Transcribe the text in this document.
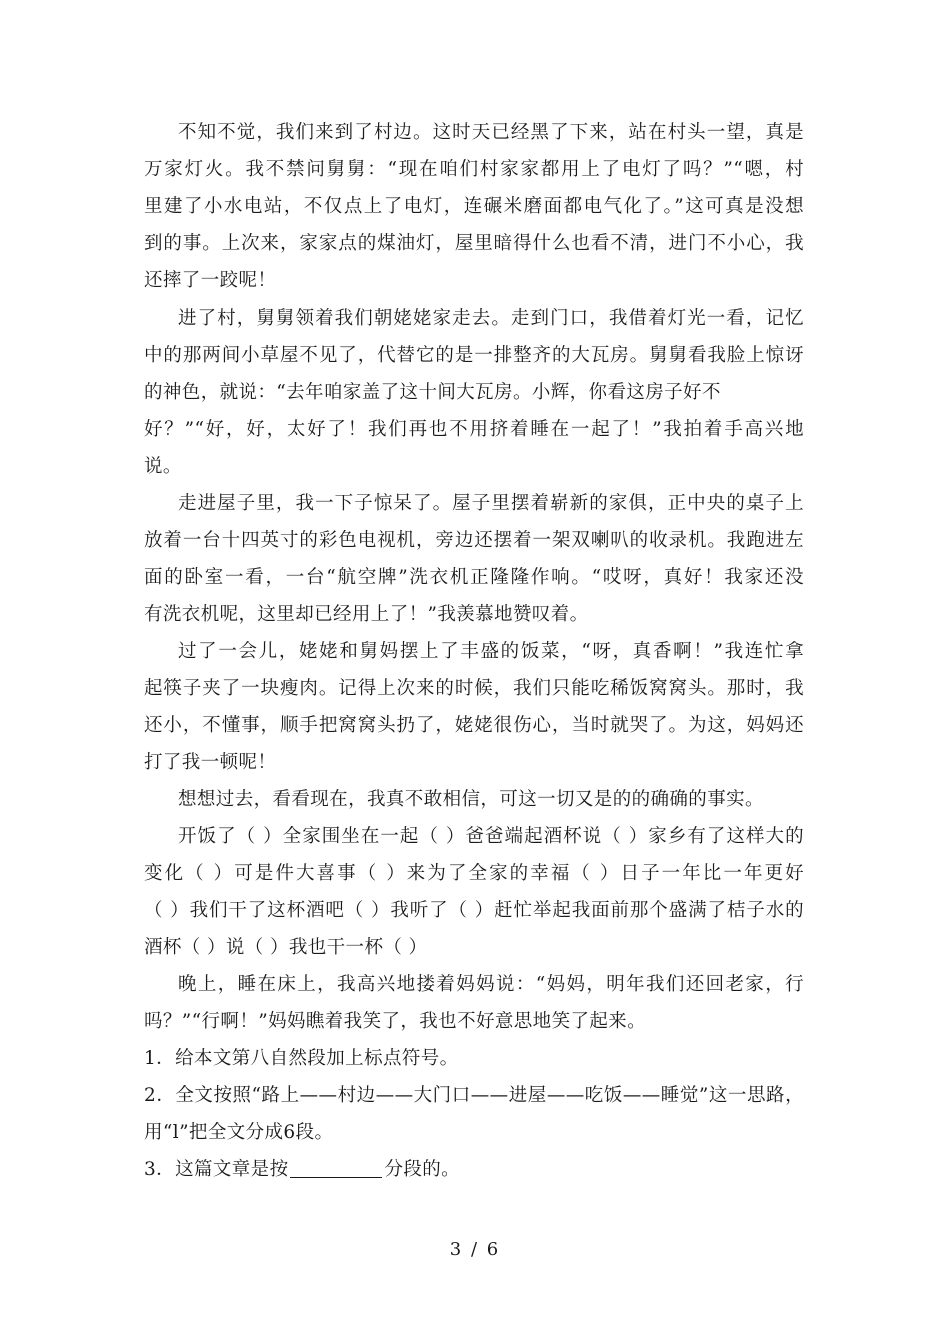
不知不觉，我们来到了村边。这时天已经黑了下来，站在村头一望，真是
万家灯火。我不禁问舅舅：“现在咱们村家家都用上了电灯了吗？”“嗯，村
里建了小水电站，不仅点上了电灯，连碾米磨面都电气化了。”这可真是没想
到的事。上次来，家家点的煤油灯，屋里暗得什么也看不清，进门不小心，我
还摔了一跤呢！
进了村，舅舅领着我们朝姥姥家走去。走到门口，我借着灯光一看，记忆
中的那两间小草屋不见了，代替它的是一排整齐的大瓦房。舅舅看我脸上惊讶
的神色，就说：“去年咱家盖了这十间大瓦房。小辉，你看这房子好不
好？”“好，好，太好了！我们再也不用挤着睡在一起了！”我拍着手高兴地
说。
走进屋子里，我一下子惊呆了。屋子里摆着崭新的家俱，正中央的桌子上
放着一台十四英寸的彩色电视机，旁边还摆着一架双喇叭的收录机。我跑进左
面的卧室一看，一台“航空牌”洗衣机正隆隆作响。“哎呀，真好！我家还没
有洗衣机呢，这里却已经用上了！”我羡慕地赞叹着。
过了一会儿，姥姥和舅妈摆上了丰盛的饭菜，“呀，真香啊！”我连忙拿
起筷子夹了一块瘦肉。记得上次来的时候，我们只能吃稀饭窝窝头。那时，我
还小，不懂事，顺手把窝窝头扔了，姥姥很伤心，当时就哭了。为这，妈妈还
打了我一顿呢！
想想过去，看看现在，我真不敢相信，可这一切又是的的确确的事实。
开饭了（ ）全家围坐在一起（ ）爸爸端起酒杯说（ ）家乡有了这样大的
变化（ ）可是件大喜事（ ）来为了全家的幸福（ ）日子一年比一年更好
（ ）我们干了这杯酒吧（ ）我听了（ ）赶忙举起我面前那个盛满了桔子水的
酒杯（ ）说（ ）我也干一杯（ ）
晚上，睡在床上，我高兴地搂着妈妈说：“妈妈，明年我们还回老家，行
吗？”“行啊！”妈妈瞧着我笑了，我也不好意思地笑了起来。
1．给本文第八自然段加上标点符号。
2．全文按照“路上——村边——大门口——进屋——吃饭——睡觉”这一思路，
用“l”把全文分成6段。
3．这篇文章是按	分段的。
3 / 6
